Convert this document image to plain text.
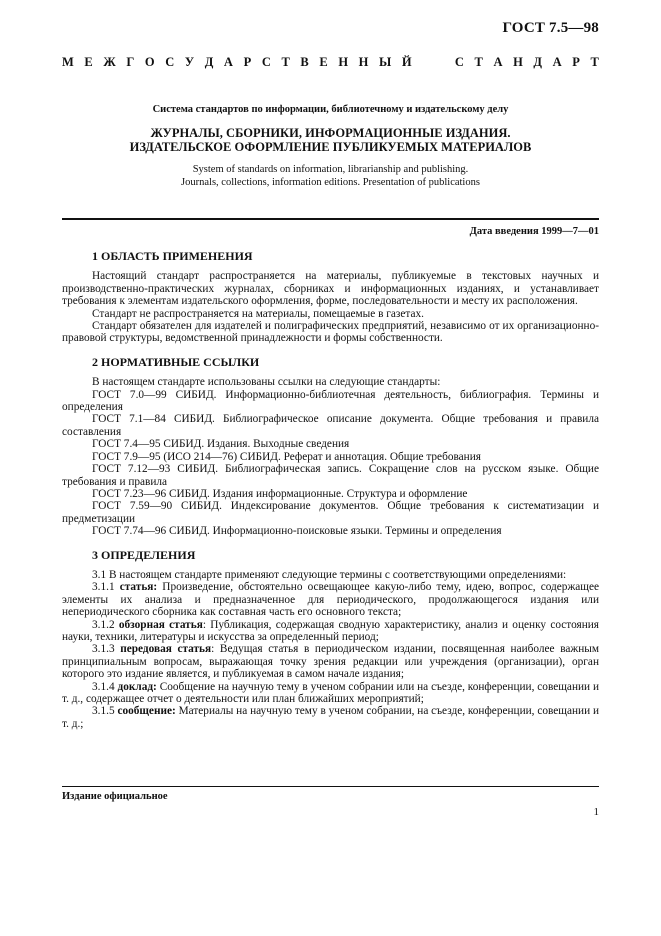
ГОСТ 7.5—98
М Е Ж Г О С У Д А Р С Т В Е Н Н Ы Й	С Т А Н Д А Р Т
Система стандартов по информации, библиотечному и издательскому делу
ЖУРНАЛЫ, СБОРНИКИ, ИНФОРМАЦИОННЫЕ ИЗДАНИЯ.
ИЗДАТЕЛЬСКОЕ ОФОРМЛЕНИЕ ПУБЛИКУЕМЫХ МАТЕРИАЛОВ
System of standards on information, librarianship and publishing.
Journals, collections, information editions. Presentation of publications
Дата введения 1999—7—01
1 ОБЛАСТЬ ПРИМЕНЕНИЯ

Настоящий стандарт распространяется на материалы, публикуемые в текстовых научных и производственно-практических журналах, сборниках и информационных изданиях, и устанавливает требования к элементам издательского оформления, форме, последовательности и месту их расположения.

Стандарт не распространяется на материалы, помещаемые в газетах.

Стандарт обязателен для издателей и полиграфических предприятий, независимо от их организационно-правовой структуры, ведомственной принадлежности и формы собственности.

2 НОРМАТИВНЫЕ ССЫЛКИ

В настоящем стандарте использованы ссылки на следующие стандарты:

ГОСТ 7.0—99 СИБИД. Информационно-библиотечная деятельность, библиография. Термины и определения

ГОСТ 7.1—84 СИБИД. Библиографическое описание документа. Общие требования и правила составления

ГОСТ 7.4—95 СИБИД. Издания. Выходные сведения

ГОСТ 7.9—95 (ИСО 214—76) СИБИД. Реферат и аннотация. Общие требования

ГОСТ 7.12—93 СИБИД. Библиографическая запись. Сокращение слов на русском языке. Общие требования и правила

ГОСТ 7.23—96 СИБИД. Издания информационные. Структура и оформление

ГОСТ 7.59—90 СИБИД. Индексирование документов. Общие требования к систематизации и предметизации

ГОСТ 7.74—96 СИБИД. Информационно-поисковые языки. Термины и определения

3 ОПРЕДЕЛЕНИЯ

3.1 В настоящем стандарте применяют следующие термины с соответствующими определениями:

3.1.1 статья: Произведение, обстоятельно освещающее какую-либо тему, идею, вопрос, содержащее элементы их анализа и предназначенное для периодического, продолжающегося издания или непериодического сборника как составная часть его основного текста;

3.1.2 обзорная статья: Публикация, содержащая сводную характеристику, анализ и оценку состояния науки, техники, литературы и искусства за определенный период;

3.1.3 передовая статья: Ведущая статья в периодическом издании, посвященная наиболее важным принципиальным вопросам, выражающая точку зрения редакции или учреждения (организации), орган которого это издание является, и публикуемая в самом начале издания;

3.1.4 доклад: Сообщение на научную тему в ученом собрании или на съезде, конференции, совещании и т. д., содержащее отчет о деятельности или план ближайших мероприятий;

3.1.5 сообщение: Материалы на научную тему в ученом собрании, на съезде, конференции, совещании и т. д.;

Издание официальное
1
